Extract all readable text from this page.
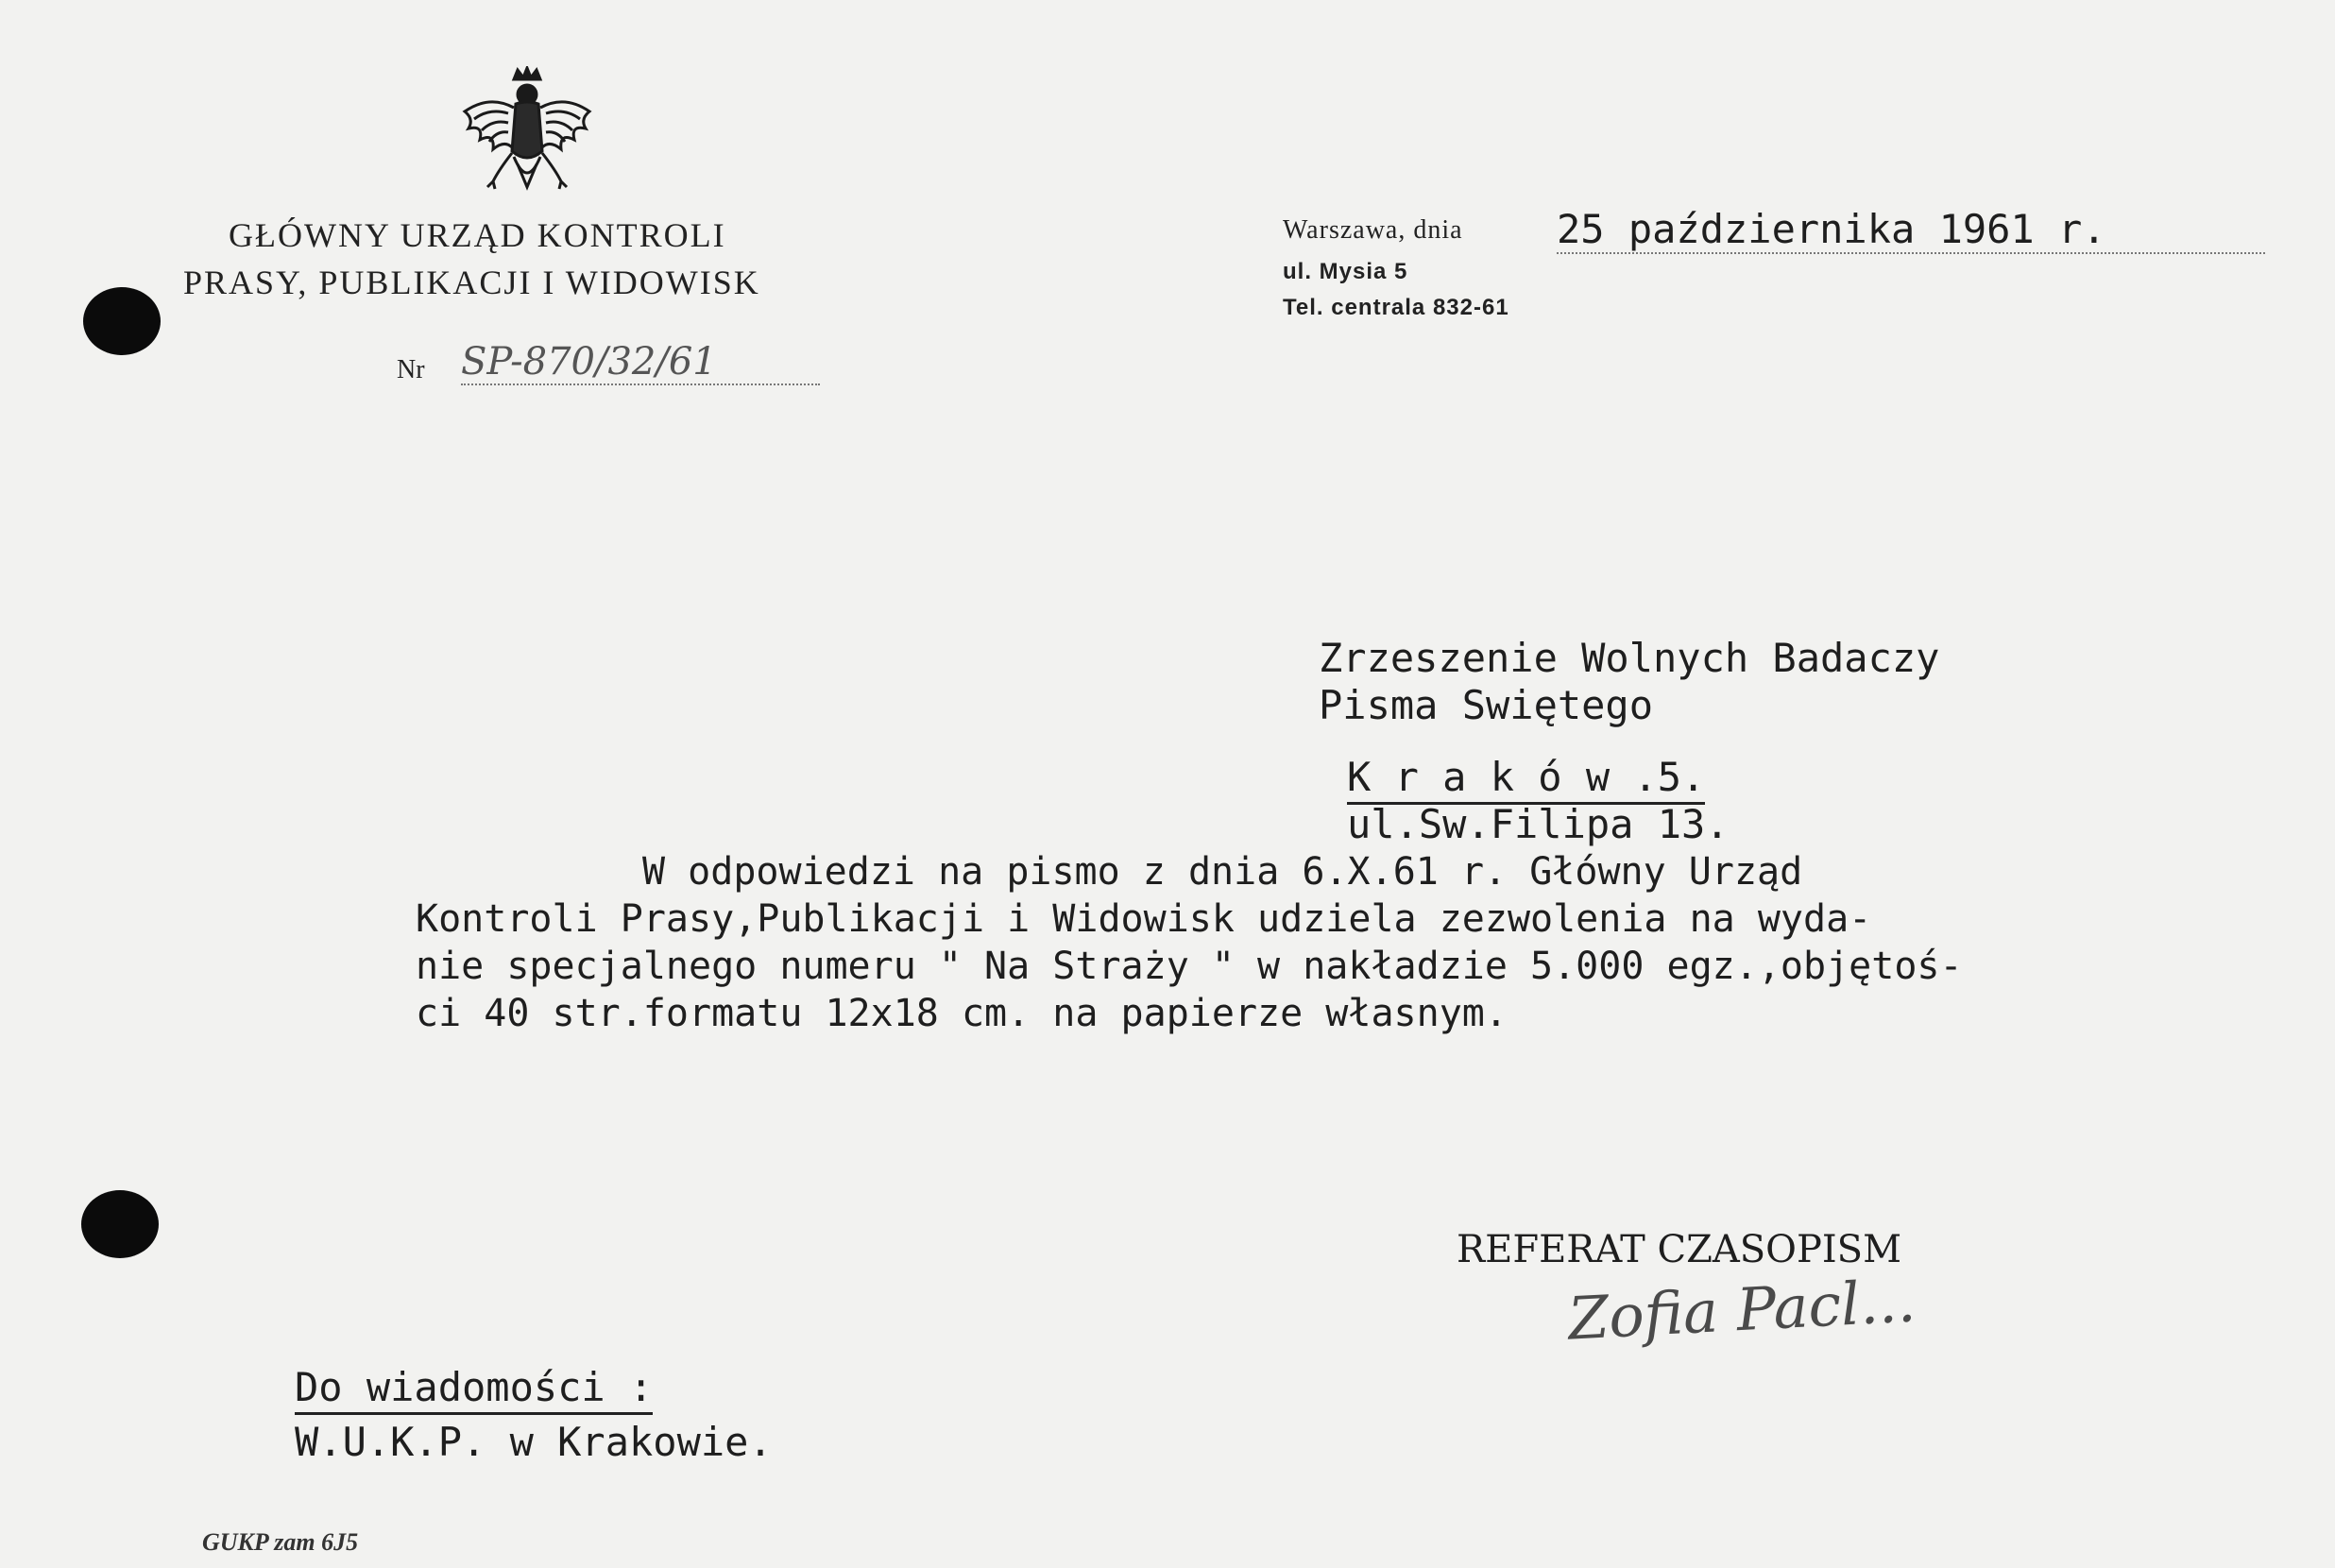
GŁÓWNY URZĄD KONTROLI
PRASY, PUBLIKACJI I WIDOWISK
Nr SP-870/32/61
Warszawa, dnia 25 października 1961 r.
ul. Mysia 5
Tel. centrala 832-61
Zrzeszenie Wolnych Badaczy
Pisma Swiętego
K r a k ó w .5.
ul.Sw.Filipa 13.
W odpowiedzi na pismo z dnia 6.X.61 r. Główny Urząd
Kontroli Prasy,Publikacji i Widowisk udziela zezwolenia na wyda-
nie specjalnego numeru " Na Straży " w nakładzie 5.000 egz.,objętoś-
ci 40 str.formatu 12x18 cm. na papierze własnym.
REFERAT CZASOPISM
Zofia Pacl...
Do wiadomości :
W.U.K.P. w Krakowie.
GUKP zam 6J5
